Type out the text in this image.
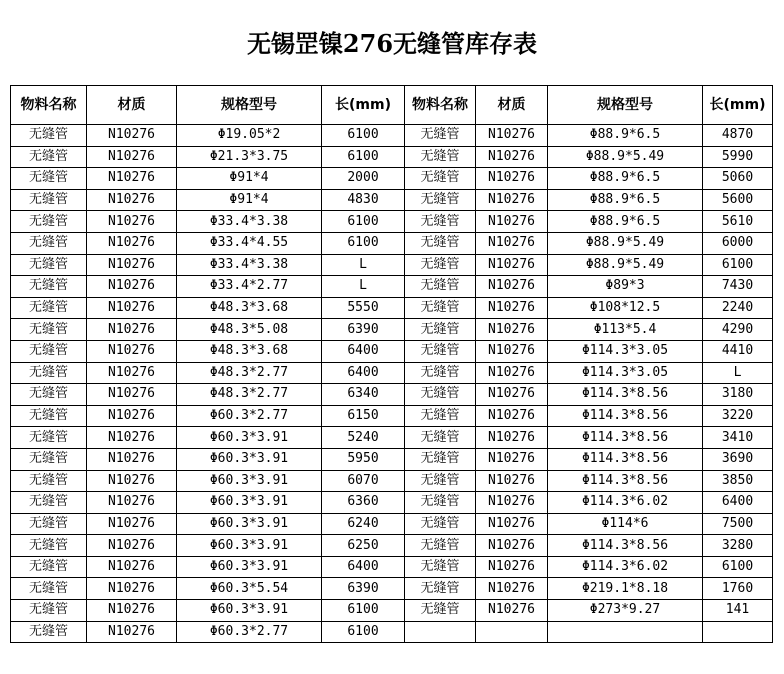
无锡罡镍276无缝管库存表
物料名称	材质	规格型号	长(mm)	物料名称	材质	规格型号	长(mm)
无缝管	N10276	Φ19.05*2	6100	无缝管	N10276	Φ88.9*6.5	4870
无缝管	N10276	Φ21.3*3.75	6100	无缝管	N10276	Φ88.9*5.49	5990
无缝管	N10276	Φ91*4	2000	无缝管	N10276	Φ88.9*6.5	5060
无缝管	N10276	Φ91*4	4830	无缝管	N10276	Φ88.9*6.5	5600
无缝管	N10276	Φ33.4*3.38	6100	无缝管	N10276	Φ88.9*6.5	5610
无缝管	N10276	Φ33.4*4.55	6100	无缝管	N10276	Φ88.9*5.49	6000
无缝管	N10276	Φ33.4*3.38	L	无缝管	N10276	Φ88.9*5.49	6100
无缝管	N10276	Φ33.4*2.77	L	无缝管	N10276	Φ89*3	7430
无缝管	N10276	Φ48.3*3.68	5550	无缝管	N10276	Φ108*12.5	2240
无缝管	N10276	Φ48.3*5.08	6390	无缝管	N10276	Φ113*5.4	4290
无缝管	N10276	Φ48.3*3.68	6400	无缝管	N10276	Φ114.3*3.05	4410
无缝管	N10276	Φ48.3*2.77	6400	无缝管	N10276	Φ114.3*3.05	L
无缝管	N10276	Φ48.3*2.77	6340	无缝管	N10276	Φ114.3*8.56	3180
无缝管	N10276	Φ60.3*2.77	6150	无缝管	N10276	Φ114.3*8.56	3220
无缝管	N10276	Φ60.3*3.91	5240	无缝管	N10276	Φ114.3*8.56	3410
无缝管	N10276	Φ60.3*3.91	5950	无缝管	N10276	Φ114.3*8.56	3690
无缝管	N10276	Φ60.3*3.91	6070	无缝管	N10276	Φ114.3*8.56	3850
无缝管	N10276	Φ60.3*3.91	6360	无缝管	N10276	Φ114.3*6.02	6400
无缝管	N10276	Φ60.3*3.91	6240	无缝管	N10276	Φ114*6	7500
无缝管	N10276	Φ60.3*3.91	6250	无缝管	N10276	Φ114.3*8.56	3280
无缝管	N10276	Φ60.3*3.91	6400	无缝管	N10276	Φ114.3*6.02	6100
无缝管	N10276	Φ60.3*5.54	6390	无缝管	N10276	Φ219.1*8.18	1760
无缝管	N10276	Φ60.3*3.91	6100	无缝管	N10276	Φ273*9.27	141
无缝管	N10276	Φ60.3*2.77	6100				
